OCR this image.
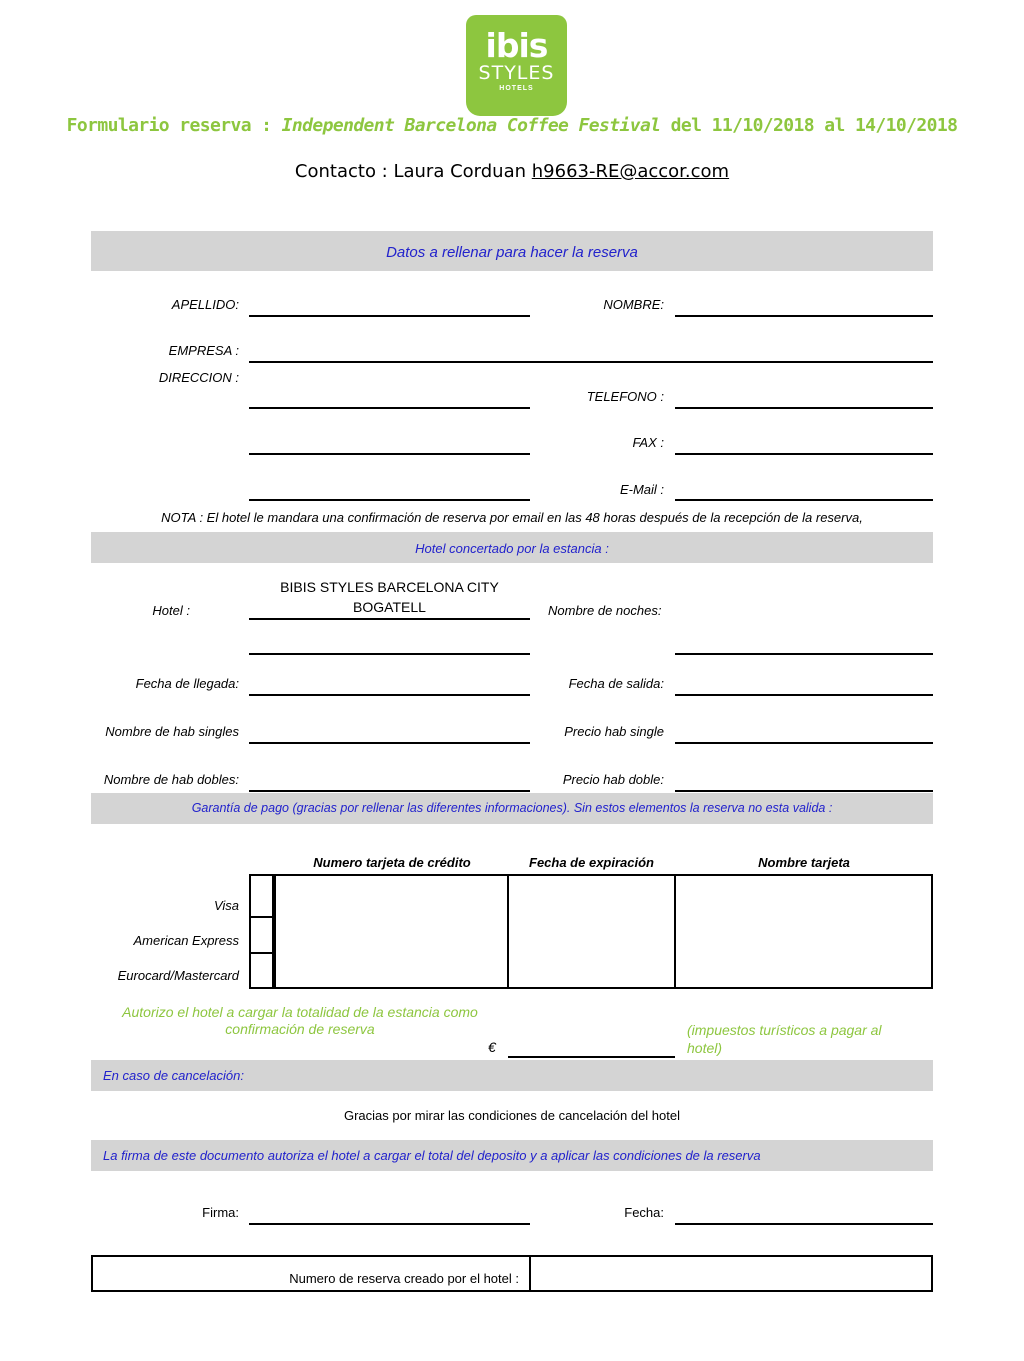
ibis
STYLES
HOTELS
Formulario reserva : Independent Barcelona Coffee Festival del 11/10/2018 al 14/10/2018
Contacto : Laura Corduan h9663-RE@accor.com
Datos a rellenar para hacer la reserva
APELLIDO:	NOMBRE:
EMPRESA :
DIRECCION :
TELEFONO :
FAX :
E-Mail :
NOTA : El hotel le mandara una confirmación de reserva por email en las 48 horas después de la recepción de la reserva,
Hotel concertado por la estancia :
Hotel :
BIBIS STYLES BARCELONA CITY
BOGATELL	Nombre de noches:
Fecha de llegada:	Fecha de salida:
Nombre de hab singles	Precio hab single
Nombre de hab dobles:	Precio hab doble:
Garantía de pago (gracias por rellenar las diferentes informaciones). Sin estos elementos la reserva no esta valida :
Numero tarjeta de crédito	Fecha de expiración	Nombre tarjeta
Visa
American Express
Eurocard/Mastercard
Autorizo el hotel a cargar la totalidad de la estancia como
confirmación de reserva
€
(impuestos turísticos a pagar al
hotel)
En caso de cancelación:
Gracias por mirar las condiciones de cancelación del hotel
La firma de este documento autoriza el hotel a cargar el total del deposito y a aplicar las condiciones de la reserva
Firma:	Fecha:
Numero de reserva creado por el hotel :
